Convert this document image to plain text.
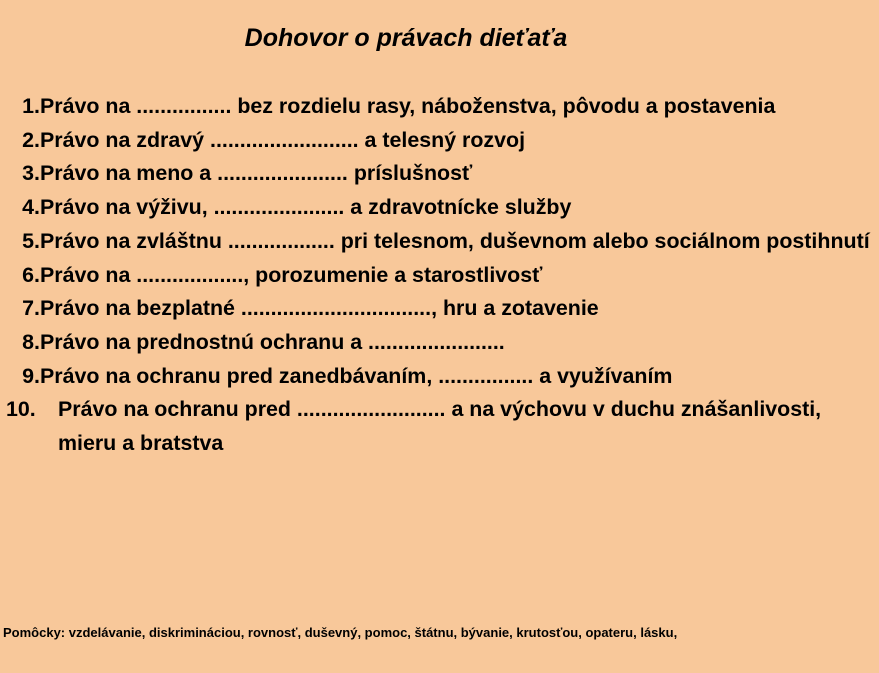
Dohovor o právach dieťaťa
1. Právo na ................ bez rozdielu rasy, náboženstva, pôvodu a postavenia
2. Právo na zdravý ......................... a telesný rozvoj
3. Právo na meno a ...................... príslušnosť
4. Právo na výživu, ...................... a zdravotnícke služby
5. Právo na zvláštnu .................. pri telesnom, duševnom alebo sociálnom postihnutí
6. Právo na .................., porozumenie a starostlivosť
7. Právo na bezplatné ................................, hru a zotavenie
8. Právo na prednostnú ochranu a .......................
9. Právo na ochranu pred zanedbávaním, ................ a využívaním
10.	Právo na ochranu pred ......................... a na výchovu v duchu znášanlivosti, mieru a bratstva
Pomôcky: vzdelávanie, diskrimináciou, rovnosť, duševný, pomoc, štátnu, bývanie, krutosťou, opateru, lásku,
